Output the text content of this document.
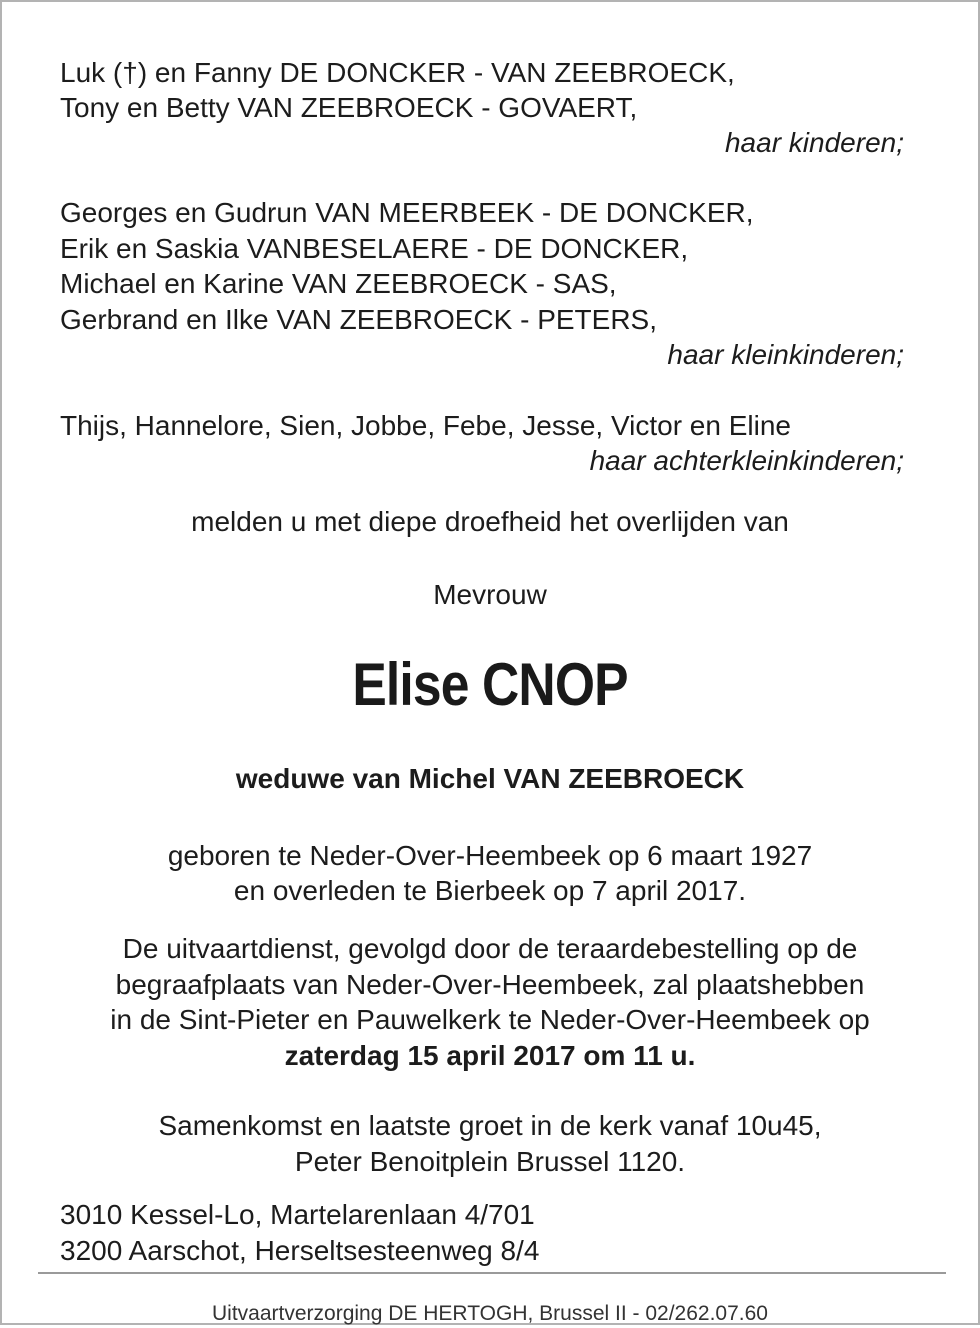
Luk (†) en Fanny DE DONCKER - VAN ZEEBROECK,

Tony en Betty VAN ZEEBROECK - GOVAERT,

haar kinderen;

Georges en Gudrun VAN MEERBEEK - DE DONCKER,

Erik en Saskia VANBESELAERE - DE DONCKER,

Michael en Karine VAN ZEEBROECK - SAS,

Gerbrand en Ilke VAN ZEEBROECK - PETERS,

haar kleinkinderen;

Thijs, Hannelore, Sien, Jobbe, Febe, Jesse, Victor en Eline

haar achterkleinkinderen;

melden u met diepe droefheid het overlijden van

Mevrouw

Elise CNOP

weduwe van Michel VAN ZEEBROECK

geboren te Neder-Over-Heembeek op 6 maart 1927

en overleden te Bierbeek op 7 april 2017.

De uitvaartdienst, gevolgd door de teraardebestelling op de

begraafplaats van Neder-Over-Heembeek, zal plaatshebben

in de Sint-Pieter en Pauwelkerk te Neder-Over-Heembeek op

zaterdag 15 april 2017 om 11 u.

Samenkomst en laatste groet in de kerk vanaf 10u45,

Peter Benoitplein Brussel 1120.

3010 Kessel-Lo, Martelarenlaan 4/701

3200 Aarschot, Herseltsesteenweg 8/4

Uitvaartverzorging DE HERTOGH, Brussel II - 02/262.07.60
